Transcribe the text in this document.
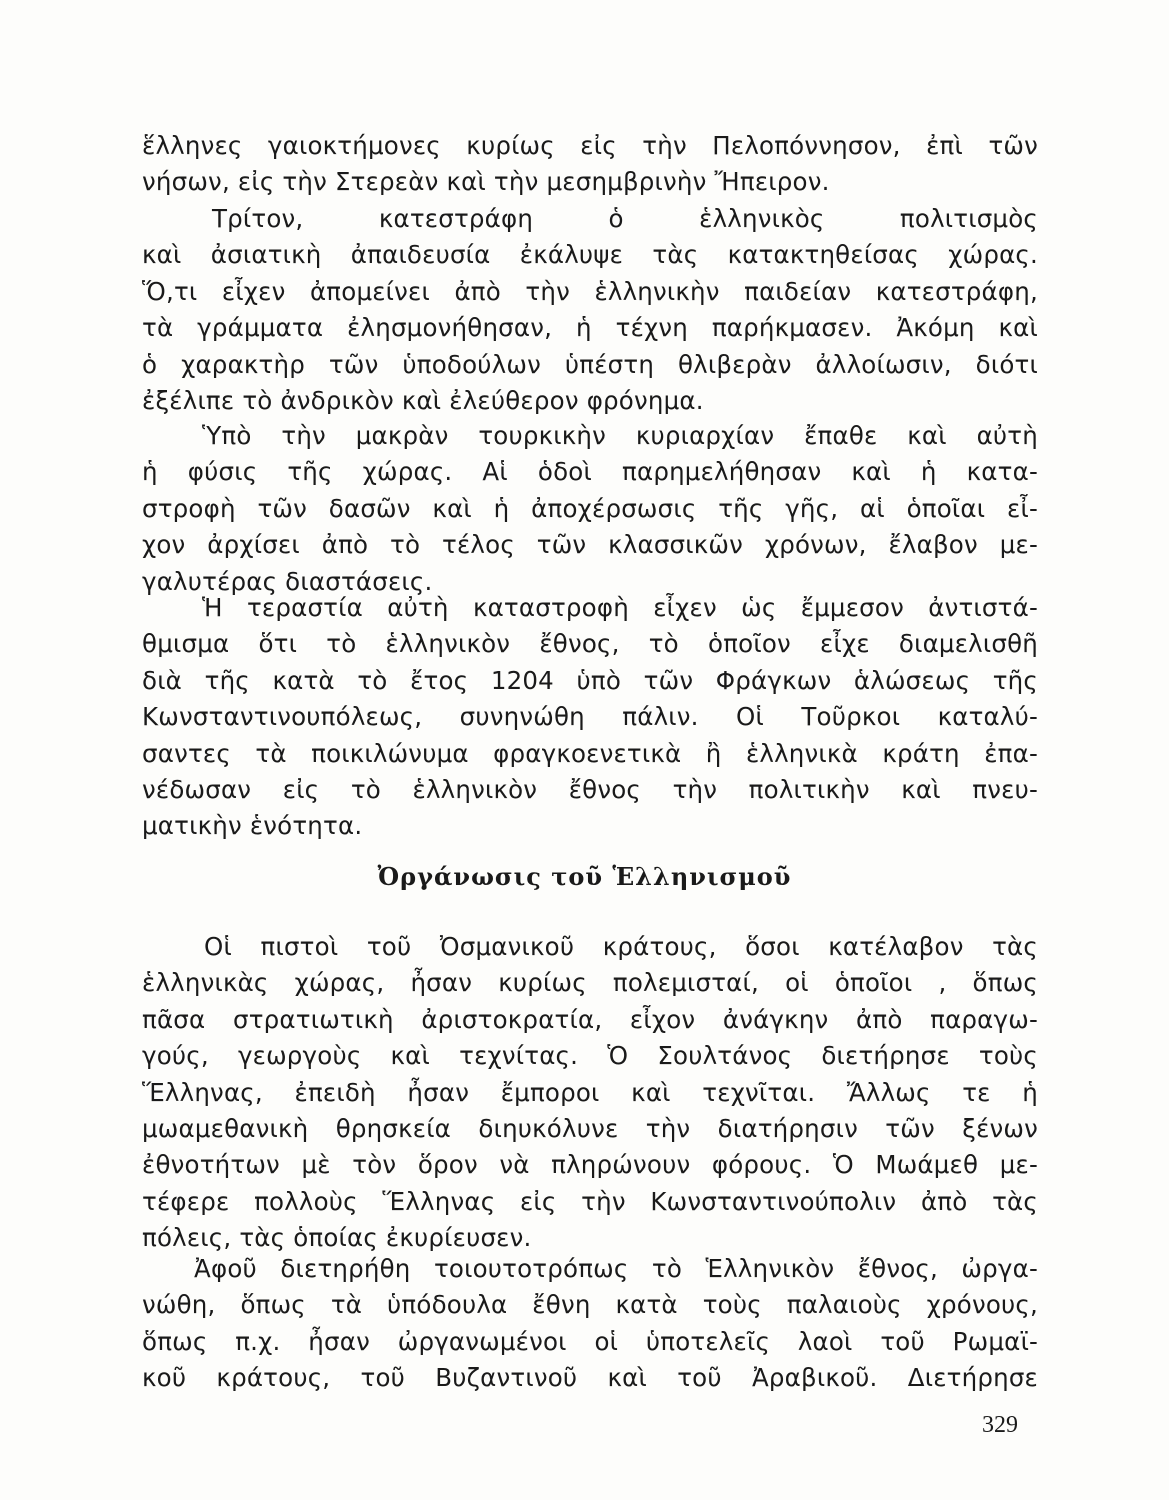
ἕλληνες γαιοκτήμονες κυρίως εἰς τὴν Πελοπόννησον, ἐπὶ τῶν
νήσων, εἰς τὴν Στερεὰν καὶ τὴν μεσημβρινὴν Ἤπειρον.
Τρίτον, κατεστράφη ὁ ἑλληνικὸς πολιτισμὸς
καὶ ἀσιατικὴ ἀπαιδευσία ἐκάλυψε τὰς κατακτηθείσας χώρας.
Ὅ,τι εἶχεν ἀπομείνει ἀπὸ τὴν ἑλληνικὴν παιδείαν κατεστράφη,
τὰ γράμματα ἐλησμονήθησαν, ἡ τέχνη παρήκμασεν. Ἀκόμη καὶ
ὁ χαρακτὴρ τῶν ὑποδούλων ὑπέστη θλιβερὰν ἀλλοίωσιν, διότι
ἐξέλιπε τὸ ἀνδρικὸν καὶ ἐλεύθερον φρόνημα.
Ὑπὸ τὴν μακρὰν τουρκικὴν κυριαρχίαν ἔπαθε καὶ αὐτὴ
ἡ φύσις τῆς χώρας. Αἱ ὁδοὶ παρημελήθησαν καὶ ἡ κατα-
στροφὴ τῶν δασῶν καὶ ἡ ἀποχέρσωσις τῆς γῆς, αἱ ὁποῖαι εἶ-
χον ἀρχίσει ἀπὸ τὸ τέλος τῶν κλασσικῶν χρόνων, ἔλαβον με-
γαλυτέρας διαστάσεις.
Ἡ τεραστία αὐτὴ καταστροφὴ εἶχεν ὡς ἔμμεσον ἀντιστά-
θμισμα ὅτι τὸ ἑλληνικὸν ἔθνος, τὸ ὁποῖον εἶχε διαμελισθῆ
διὰ τῆς κατὰ τὸ ἔτος 1204 ὑπὸ τῶν Φράγκων ἁλώσεως τῆς
Κωνσταντινουπόλεως, συνηνώθη πάλιν. Οἱ Τοῦρκοι καταλύ-
σαντες τὰ ποικιλώνυμα φραγκοενετικὰ ἢ ἑλληνικὰ κράτη ἐπα-
νέδωσαν εἰς τὸ ἑλληνικὸν ἔθνος τὴν πολιτικὴν καὶ πνευ-
ματικὴν ἑνότητα.
Ὀργάνωσις τοῦ Ἑλληνισμοῦ
Οἱ πιστοὶ τοῦ Ὀσμανικοῦ κράτους, ὅσοι κατέλαβον τὰς
ἑλληνικὰς χώρας, ἦσαν κυρίως πολεμισταί, οἱ ὁποῖοι , ὅπως
πᾶσα στρατιωτικὴ ἀριστοκρατία, εἶχον ἀνάγκην ἀπὸ παραγω-
γούς, γεωργοὺς καὶ τεχνίτας. Ὁ Σουλτάνος διετήρησε τοὺς
Ἕλληνας, ἐπειδὴ ἦσαν ἔμποροι καὶ τεχνῖται. Ἄλλως τε ἡ
μωαμεθανικὴ θρησκεία διηυκόλυνε τὴν διατήρησιν τῶν ξένων
ἐθνοτήτων μὲ τὸν ὅρον νὰ πληρώνουν φόρους. Ὁ Μωάμεθ με-
τέφερε πολλοὺς Ἕλληνας εἰς τὴν Κωνσταντινούπολιν ἀπὸ τὰς
πόλεις, τὰς ὁποίας ἐκυρίευσεν.
Ἀφοῦ διετηρήθη τοιουτοτρόπως τὸ Ἑλληνικὸν ἔθνος, ὠργα-
νώθη, ὅπως τὰ ὑπόδουλα ἔθνη κατὰ τοὺς παλαιοὺς χρόνους,
ὅπως π.χ. ἦσαν ὠργανωμένοι οἱ ὑποτελεῖς λαοὶ τοῦ Ρωμαϊ-
κοῦ κράτους, τοῦ Βυζαντινοῦ καὶ τοῦ Ἀραβικοῦ. Διετήρησε
329
